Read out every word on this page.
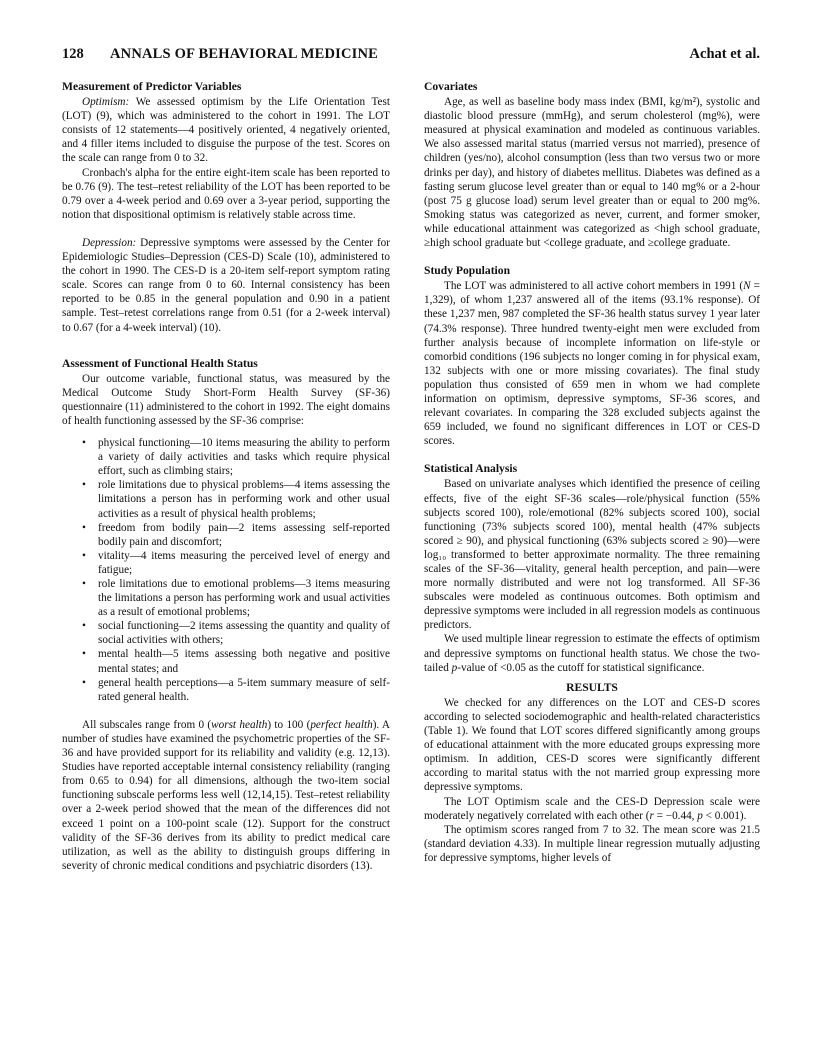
128 ANNALS OF BEHAVIORAL MEDICINE	Achat et al.
Measurement of Predictor Variables

Optimism: We assessed optimism by the Life Orientation Test (LOT) (9), which was administered to the cohort in 1991. The LOT consists of 12 statements—4 positively oriented, 4 negatively oriented, and 4 filler items included to disguise the purpose of the test. Scores on the scale can range from 0 to 32.

Cronbach's alpha for the entire eight-item scale has been reported to be 0.76 (9). The test–retest reliability of the LOT has been reported to be 0.79 over a 4-week period and 0.69 over a 3-year period, supporting the notion that dispositional optimism is relatively stable across time.

Depression: Depressive symptoms were assessed by the Center for Epidemiologic Studies–Depression (CES-D) Scale (10), administered to the cohort in 1990. The CES-D is a 20-item self-report symptom rating scale. Scores can range from 0 to 60. Internal consistency has been reported to be 0.85 in the general population and 0.90 in a patient sample. Test–retest correlations range from 0.51 (for a 2-week interval) to 0.67 (for a 4-week interval) (10).

Assessment of Functional Health Status

Our outcome variable, functional status, was measured by the Medical Outcome Study Short-Form Health Survey (SF-36) questionnaire (11) administered to the cohort in 1992. The eight domains of health functioning assessed by the SF-36 comprise:

• physical functioning—10 items measuring the ability to perform a variety of daily activities and tasks which require physical effort, such as climbing stairs;
• role limitations due to physical problems—4 items assessing the limitations a person has in performing work and other usual activities as a result of physical health problems;
• freedom from bodily pain—2 items assessing self-reported bodily pain and discomfort;
• vitality—4 items measuring the perceived level of energy and fatigue;
• role limitations due to emotional problems—3 items measuring the limitations a person has performing work and usual activities as a result of emotional problems;
• social functioning—2 items assessing the quantity and quality of social activities with others;
• mental health—5 items assessing both negative and positive mental states; and
• general health perceptions—a 5-item summary measure of self-rated general health.

All subscales range from 0 (worst health) to 100 (perfect health). A number of studies have examined the psychometric properties of the SF-36 and have provided support for its reliability and validity (e.g. 12,13). Studies have reported acceptable internal consistency reliability (ranging from 0.65 to 0.94) for all dimensions, although the two-item social functioning subscale performs less well (12,14,15). Test–retest reliability over a 2-week period showed that the mean of the differences did not exceed 1 point on a 100-point scale (12). Support for the construct validity of the SF-36 derives from its ability to predict medical care utilization, as well as the ability to distinguish groups differing in severity of chronic medical conditions and psychiatric disorders (13).

Covariates

Age, as well as baseline body mass index (BMI, kg/m²), systolic and diastolic blood pressure (mmHg), and serum cholesterol (mg%), were measured at physical examination and modeled as continuous variables. We also assessed marital status (married versus not married), presence of children (yes/no), alcohol consumption (less than two versus two or more drinks per day), and history of diabetes mellitus. Diabetes was defined as a fasting serum glucose level greater than or equal to 140 mg% or a 2-hour (post 75 g glucose load) serum level greater than or equal to 200 mg%. Smoking status was categorized as never, current, and former smoker, while educational attainment was categorized as <high school graduate, ≥high school graduate but <college graduate, and ≥college graduate.

Study Population

The LOT was administered to all active cohort members in 1991 (N = 1,329), of whom 1,237 answered all of the items (93.1% response). Of these 1,237 men, 987 completed the SF-36 health status survey 1 year later (74.3% response). Three hundred twenty-eight men were excluded from further analysis because of incomplete information on life-style or comorbid conditions (196 subjects no longer coming in for physical exam, 132 subjects with one or more missing covariates). The final study population thus consisted of 659 men in whom we had complete information on optimism, depressive symptoms, SF-36 scores, and relevant covariates. In comparing the 328 excluded subjects against the 659 included, we found no significant differences in LOT or CES-D scores.

Statistical Analysis

Based on univariate analyses which identified the presence of ceiling effects, five of the eight SF-36 scales—role/physical function (55% subjects scored 100), role/emotional (82% subjects scored 100), social functioning (73% subjects scored 100), mental health (47% subjects scored ≥ 90), and physical functioning (63% subjects scored ≥ 90)—were log₁₀ transformed to better approximate normality. The three remaining scales of the SF-36—vitality, general health perception, and pain—were more normally distributed and were not log transformed. All SF-36 subscales were modeled as continuous outcomes. Both optimism and depressive symptoms were included in all regression models as continuous predictors.

We used multiple linear regression to estimate the effects of optimism and depressive symptoms on functional health status. We chose the two-tailed p-value of <0.05 as the cutoff for statistical significance.

RESULTS

We checked for any differences on the LOT and CES-D scores according to selected sociodemographic and health-related characteristics (Table 1). We found that LOT scores differed significantly among groups of educational attainment with the more educated groups expressing more optimism. In addition, CES-D scores were significantly different according to marital status with the not married group expressing more depressive symptoms.

The LOT Optimism scale and the CES-D Depression scale were moderately negatively correlated with each other (r = −0.44, p < 0.001).

The optimism scores ranged from 7 to 32. The mean score was 21.5 (standard deviation 4.33). In multiple linear regression mutually adjusting for depressive symptoms, higher levels of
